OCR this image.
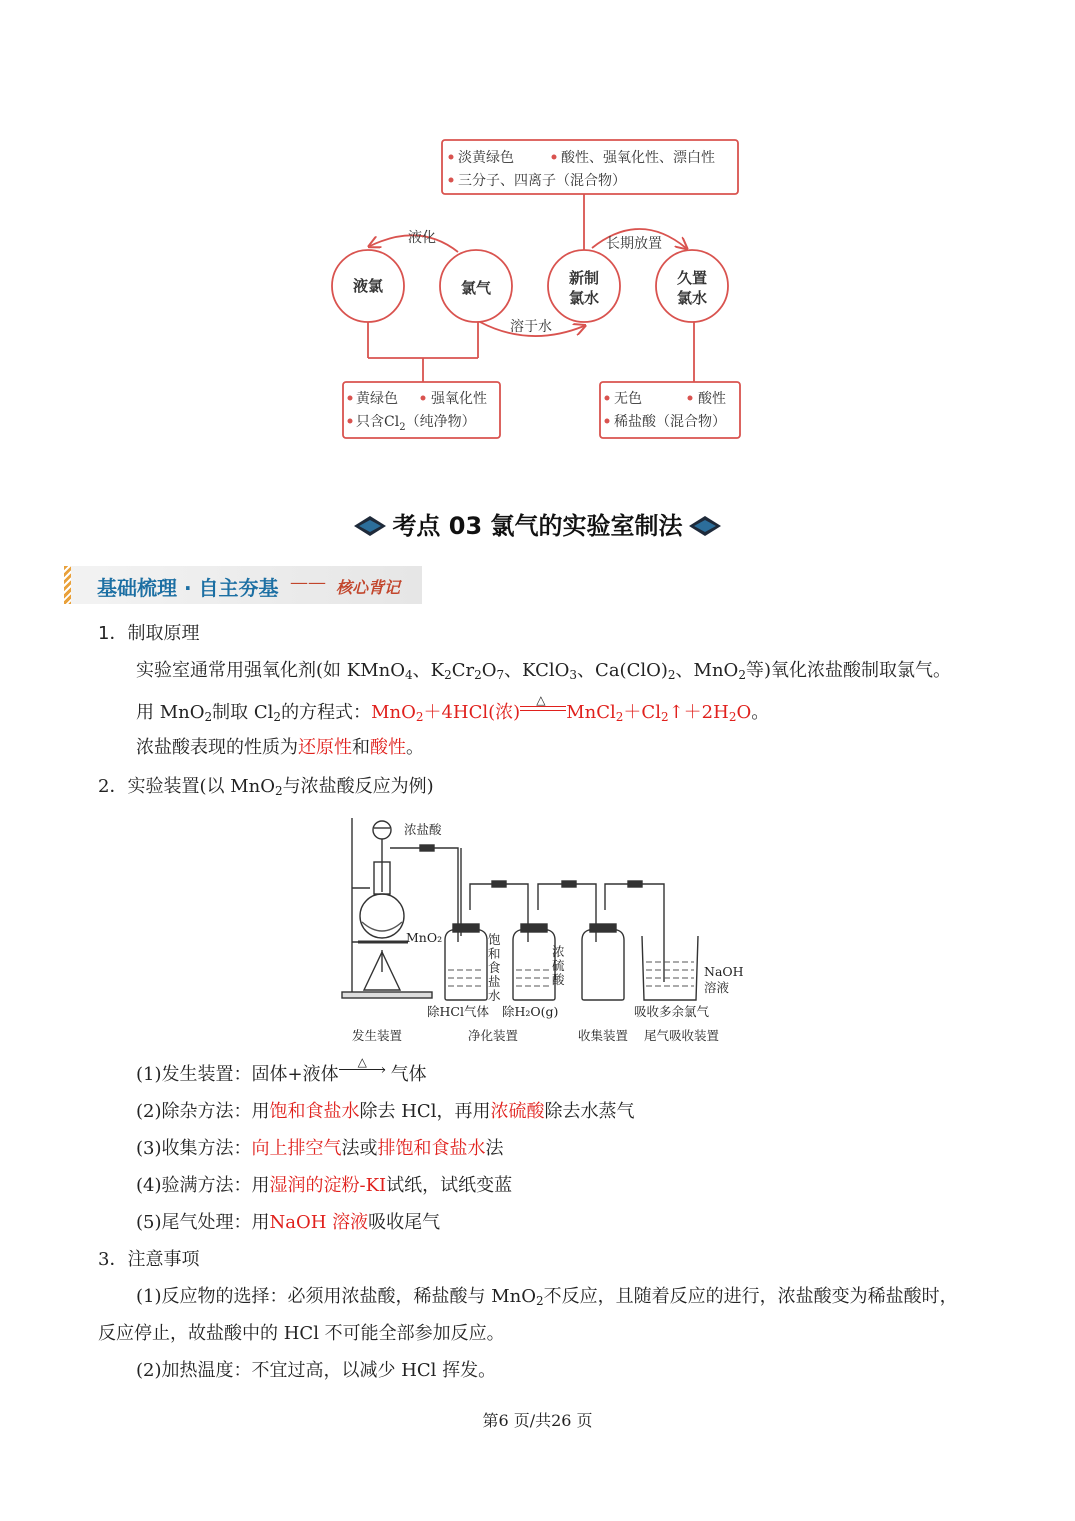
淡黄绿色	酸性、强氧化性、漂白性
三分子、四离子（混合物）
液氯	氯气
新制
氯水
久置
氯水
液化
溶于水
长期放置
黄绿色 强氧化性
只含$Cl_2$（纯净物）
无色	酸性
稀盐酸（混合物）
考点 03 氯气的实验室制法
基础梳理 · 自主夯基 —— 核心背记
1．制取原理
实验室通常用强氧化剂(如 KMnO$_4$、$K_2Cr_2O_7$、KClO$_3$、$Ca(ClO)_2$、MnO$_2$等)氧化浓盐酸制取氯气。
用 MnO$_2$制取 $Cl_2$的方程式：MnO$_2$＋4HCl(浓)
△
$MnCl_2+Cl_2↑+2H_2O$。
浓盐酸表现的性质为还原性和酸性。
2．实验装置(以 MnO$_2$与浓盐酸反应为例)
浓盐酸
MnO₂	饱
和
食
盐
水
浓
硫
酸
NaOH
溶液
除HCl气体 除H₂O(g)	吸收多余氯气
发生装置	净化装置	收集装置 尾气吸收装置
(1)发生装置：固体+液体
△ › 气体
(2)除杂方法：用饱和食盐水除去 HCl，再用浓硫酸除去水蒸气
(3)收集方法：向上排空气法或排饱和食盐水法
(4)验满方法：用湿润的淀粉-KI试纸，试纸变蓝
(5)尾气处理：用NaOH 溶液吸收尾气
3．注意事项
(1)反应物的选择：必须用浓盐酸，稀盐酸与 MnO$_2$不反应，且随着反应的进行，浓盐酸变为稀盐酸时，
反应停止，故盐酸中的 HCl 不可能全部参加反应。
(2)加热温度：不宜过高，以减少 HCl 挥发。
第6 页/共26 页
